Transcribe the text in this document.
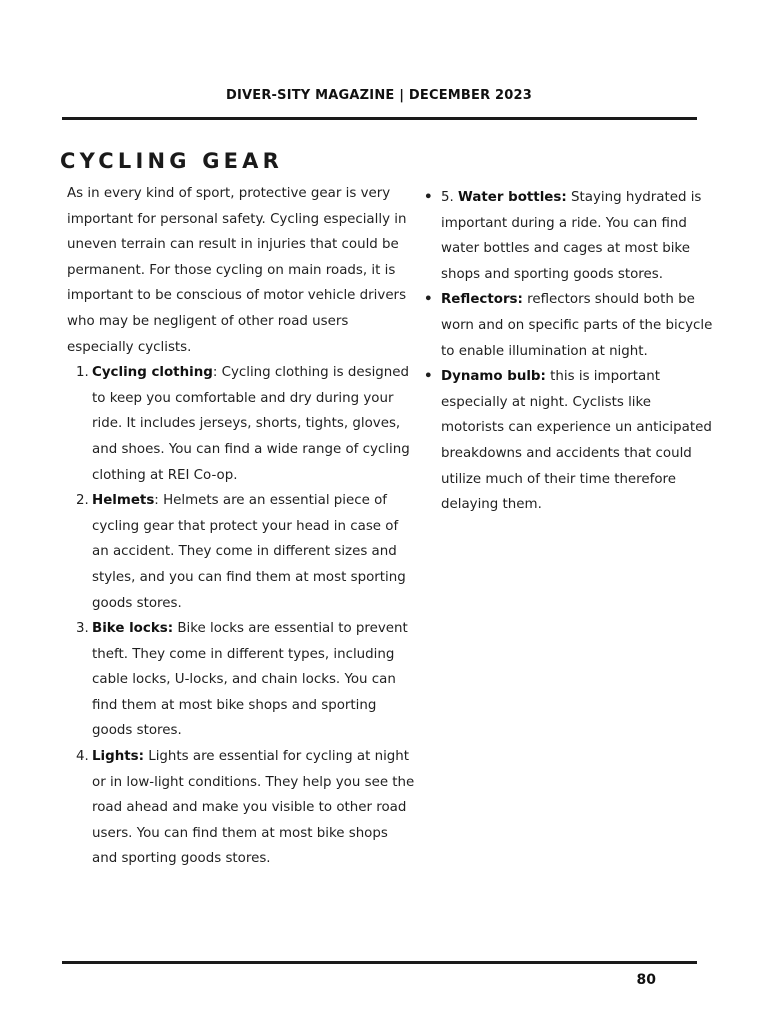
DIVER-SITY MAGAZINE | DECEMBER 2023
CYCLING GEAR

As in every kind of sport, protective gear is very important for personal safety. Cycling especially in uneven terrain can result in injuries that could be permanent. For those cycling on main roads, it is important to be conscious of motor vehicle drivers who may be negligent of other road users especially cyclists.

1. Cycling clothing: Cycling clothing is designed to keep you comfortable and dry during your ride. It includes jerseys, shorts, tights, gloves, and shoes. You can find a wide range of cycling clothing at REI Co-op.
2. Helmets: Helmets are an essential piece of cycling gear that protect your head in case of an accident. They come in different sizes and styles, and you can find them at most sporting goods stores.
3. Bike locks: Bike locks are essential to prevent theft. They come in different types, including cable locks, U-locks, and chain locks. You can find them at most bike shops and sporting goods stores.
4. Lights: Lights are essential for cycling at night or in low-light conditions. They help you see the road ahead and make you visible to other road users. You can find them at most bike shops and sporting goods stores.
• 5. Water bottles: Staying hydrated is important during a ride. You can find water bottles and cages at most bike shops and sporting goods stores.
• Reflectors: reflectors should both be worn and on specific parts of the bicycle to enable illumination at night.
• Dynamo bulb: this is important especially at night. Cyclists like motorists can experience un anticipated breakdowns and accidents that could utilize much of their time therefore delaying them.
80
